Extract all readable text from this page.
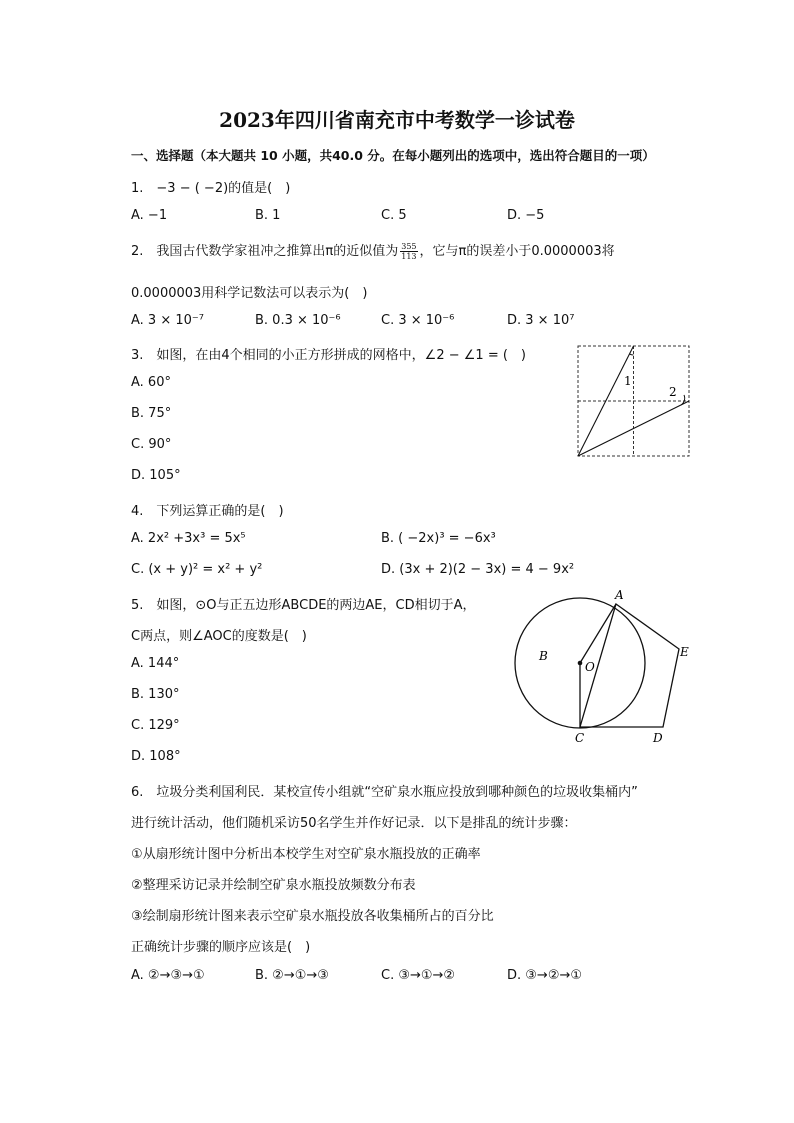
2023年四川省南充市中考数学一诊试卷
一、选择题（本大题共 10 小题，共40.0 分。在每小题列出的选项中，选出符合题目的一项）
1.　−3 − ( −2)的值是(　)
A. −1	B. 1	C. 5	D. −5
2.　我国古代数学家祖冲之推算出π的近似值为 $\frac{355}{113}$ ，它与π的误差小于0.0000003将
0.0000003用科学记数法可以表示为(　)
A. 3 × 10⁻⁷	B. 0.3 × 10⁻⁶	C. 3 × 10⁻⁶	D. 3 × 10⁷
3.　如图，在由4个相同的小正方形拼成的网格中，∠2 − ∠1 = (　)
A. 60°
B. 75°
C. 90°
D. 105°
1
2
4.　下列运算正确的是(　)
A. 2x² +3x³ = 5x⁵	B. ( −2x)³ = −6x³
C. (x + y)² = x² + y²	D. (3x + 2)(2 − 3x) = 4 − 9x²
5.　如图，⊙O与正五边形ABCDE的两边AE，CD相切于A，
C两点，则∠AOC的度数是(　)
A. 144°
B. 130°
C. 129°
D. 108°
A
B
O
C	D
E
6.　垃圾分类利国利民．某校宣传小组就“空矿泉水瓶应投放到哪种颜色的垃圾收集桶内”
进行统计活动，他们随机采访50名学生并作好记录．以下是排乱的统计步骤：
①从扇形统计图中分析出本校学生对空矿泉水瓶投放的正确率
②整理采访记录并绘制空矿泉水瓶投放频数分布表
③绘制扇形统计图来表示空矿泉水瓶投放各收集桶所占的百分比
正确统计步骤的顺序应该是(　)
A. ②→③→①	B. ②→①→③	C. ③→①→②	D. ③→②→①
